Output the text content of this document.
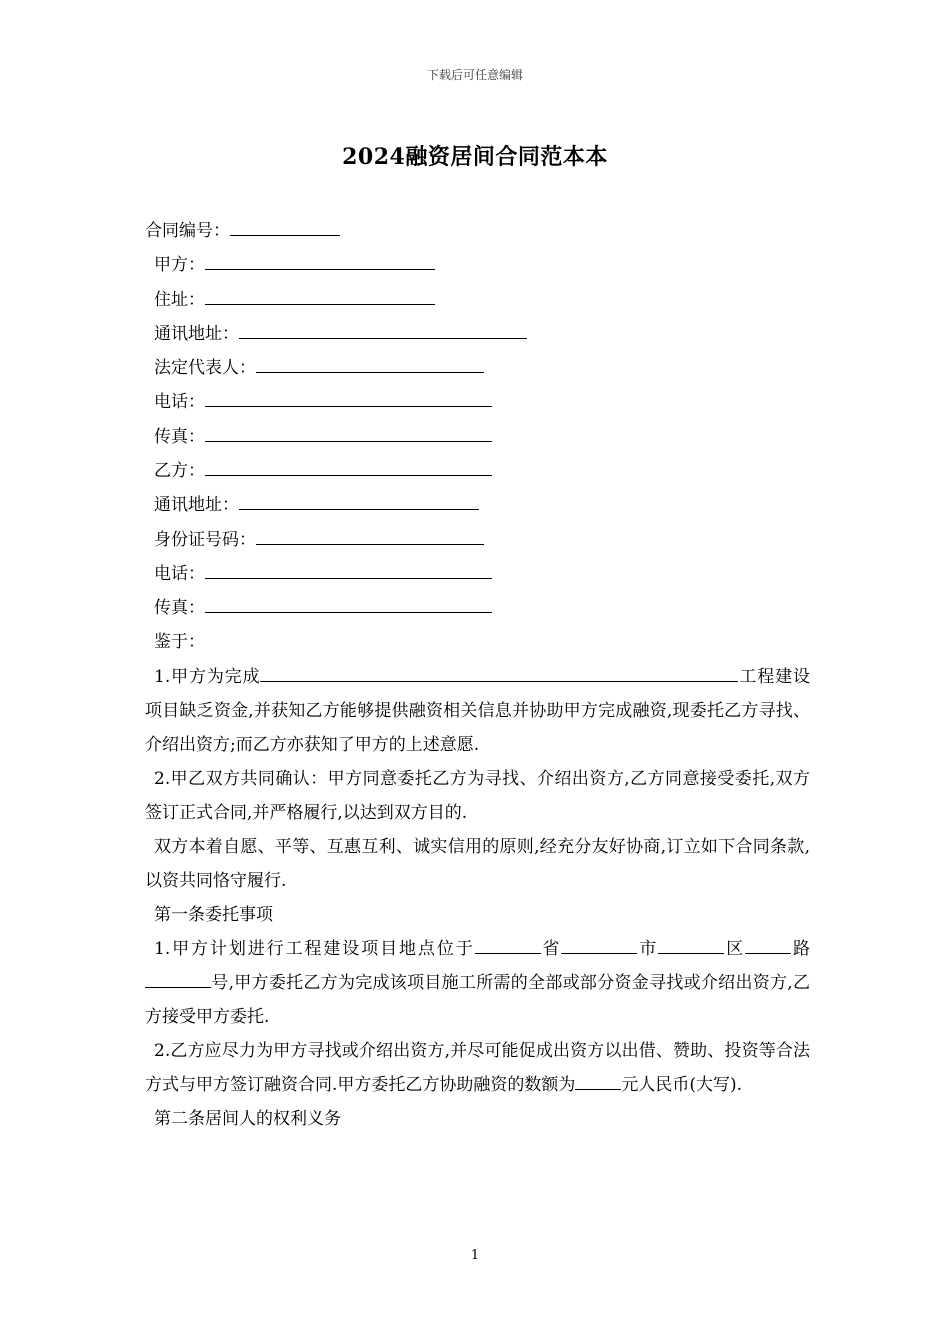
下载后可任意编辑
2024融资居间合同范本本
合同编号：
甲方：
住址：
通讯地址：
法定代表人：
电话：
传真：
乙方：
通讯地址：
身份证号码：
电话：
传真：
鉴于：

1.甲方为完成	工程建设项目缺乏资金,并获知乙方能够提供融资相关信息并协助甲方完成融资,现委托乙方寻找、介绍出资方;而乙方亦获知了甲方的上述意愿.

2.甲乙双方共同确认：甲方同意委托乙方为寻找、介绍出资方,乙方同意接受委托,双方签订正式合同,并严格履行,以达到双方目的.

双方本着自愿、平等、互惠互利、诚实信用的原则,经充分友好协商,订立如下合同条款,以资共同恪守履行.

第一条委托事项

1.甲方计划进行工程建设项目地点位于	省	市	区	路号,甲方委托乙方为完成该项目施工所需的全部或部分资金寻找或介绍出资方,乙方接受甲方委托.

2.乙方应尽力为甲方寻找或介绍出资方,并尽可能促成出资方以出借、赞助、投资等合法方式与甲方签订融资合同.甲方委托乙方协助融资的数额为	元人民币(大写).

第二条居间人的权利义务

1
